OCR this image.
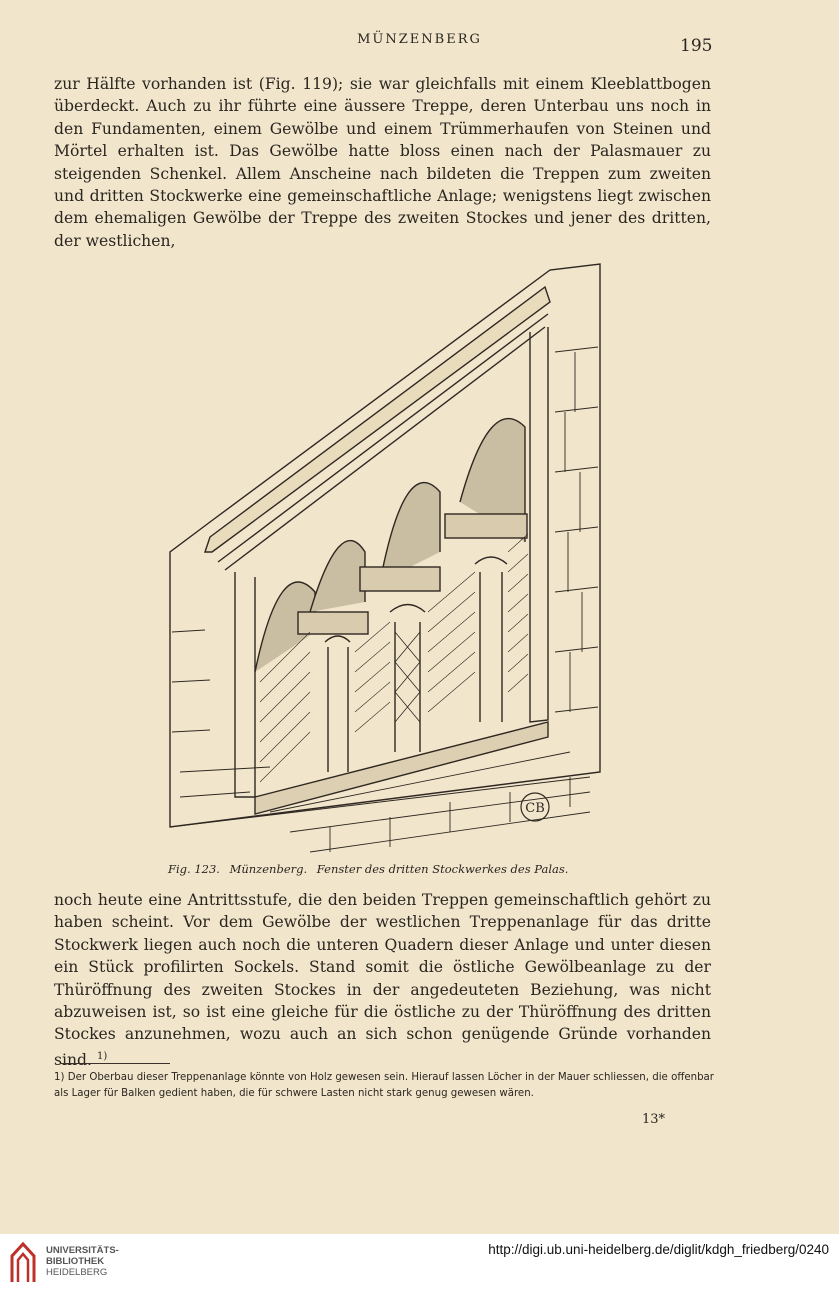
MÜNZENBERG	195

zur Hälfte vorhanden ist (Fig. 119); sie war gleichfalls mit einem Kleeblattbogen überdeckt. Auch zu ihr führte eine äussere Treppe, deren Unterbau uns noch in den Fundamenten, einem Gewölbe und einem Trümmerhaufen von Steinen und Mörtel erhalten ist. Das Gewölbe hatte bloss einen nach der Palasmauer zu steigenden Schenkel. Allem Anscheine nach bildeten die Treppen zum zweiten und dritten Stockwerke eine gemeinschaftliche Anlage; wenigstens liegt zwischen dem ehemaligen Gewölbe der Treppe des zweiten Stockes und jener des dritten, der westlichen,

CB
Fig. 123. Münzenberg. Fenster des dritten Stockwerkes des Palas.

noch heute eine Antrittsstufe, die den beiden Treppen gemeinschaftlich gehört zu haben scheint. Vor dem Gewölbe der westlichen Treppenanlage für das dritte Stockwerk liegen auch noch die unteren Quadern dieser Anlage und unter diesen ein Stück profilirten Sockels. Stand somit die östliche Gewölbeanlage zu der Thüröffnung des zweiten Stockes in der angedeuteten Beziehung, was nicht abzuweisen ist, so ist eine gleiche für die östliche zu der Thüröffnung des dritten Stockes anzunehmen, wozu auch an sich schon genügende Gründe vorhanden sind. $^{1)}$

1) Der Oberbau dieser Treppenanlage könnte von Holz gewesen sein. Hierauf lassen Löcher in der Mauer schliessen, die offenbar als Lager für Balken gedient haben, die für schwere Lasten nicht stark genug gewesen wären.

13*
UNIVERSITÄTS-
BIBLIOTHEK
HEIDELBERG
http://digi.ub.uni-heidelberg.de/diglit/kdgh_friedberg/0240
